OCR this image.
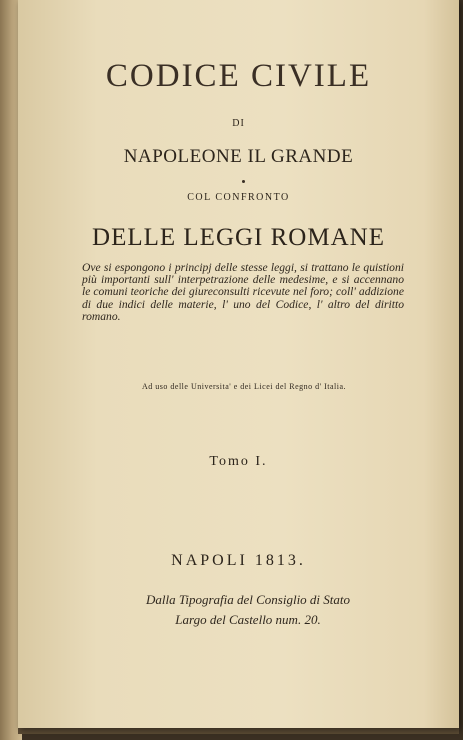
CODICE CIVILE
DI
NAPOLEONE IL GRANDE
COL CONFRONTO
DELLE LEGGI ROMANE
Ove si espongono i principj delle stesse leggi, si trattano le quistioni più importanti sull' interpetrazione delle medesime, e si accennano le comuni teoriche dei giureconsulti ricevute nel foro; coll' addizione di due indici delle materie, l' uno del Codice, l' altro del diritto romano.
Ad uso delle Universita' e dei Licei del Regno d' Italia.
Tomo I.
NAPOLI 1813.
Dalla Tipografia del Consiglio di Stato
Largo del Castello num. 20.
